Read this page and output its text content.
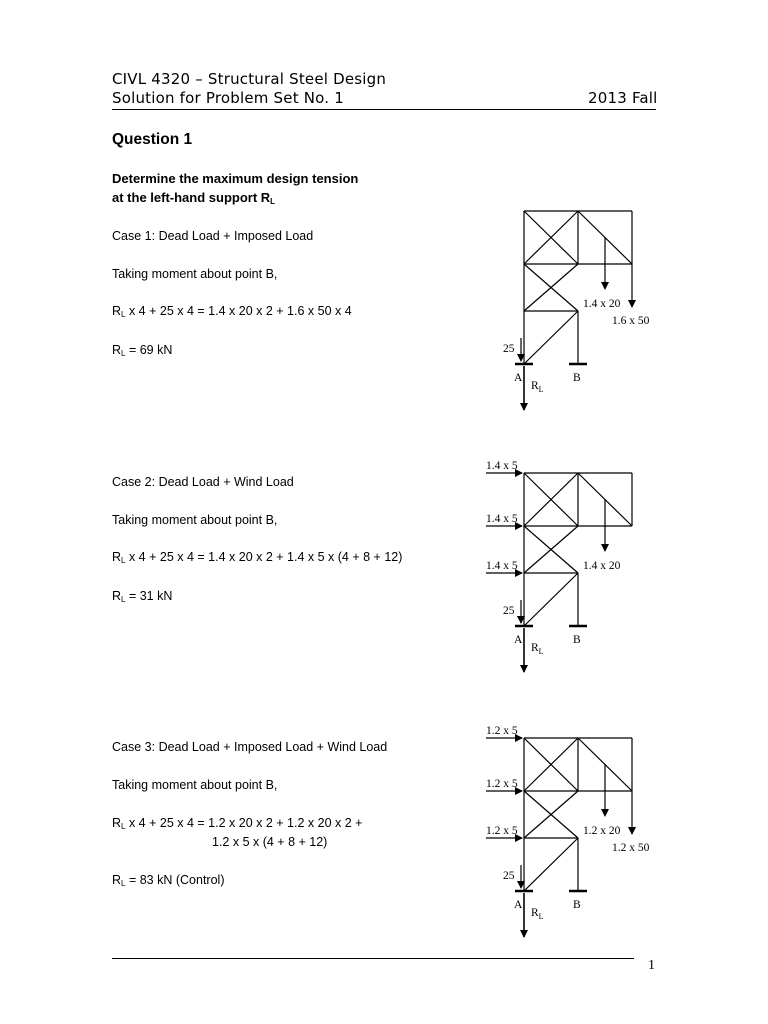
CIVL 4320 – Structural Steel Design
Solution for Problem Set No. 1	2013 Fall
Question 1
Determine the maximum design tension
at the left-hand support $R_L$
Case 1: Dead Load + Imposed Load
Taking moment about point B,
$R_L$ x 4 + 25 x 4 = 1.4 x 20 x 2 + 1.6 x 50 x 4
$R_L = 69$ kN
Case 2: Dead Load + Wind Load
Taking moment about point B,
$R_L$ x 4 + 25 x 4 = 1.4 x 20 x 2 + 1.4 x 5 x (4 + 8 + 12)
$R_L = 31$ kN
Case 3: Dead Load + Imposed Load + Wind Load
Taking moment about point B,
$R_L$ x 4 + 25 x 4 = 1.2 x 20 x 2 + 1.2 x 20 x 2 +
1.2 x 5 x (4 + 8 + 12)
$R_L = 83$ kN (Control)
1
A	B
$R_L$
25
1.4 x 20
1.6 x 50
A	B
$R_L$
25
1.4 x 20
1.4 x 5
1.4 x 5
1.4 x 5
A	B
$R_L$
25
1.2 x 20
1.2 x 50
1.2 x 5
1.2 x 5
1.2 x 5
